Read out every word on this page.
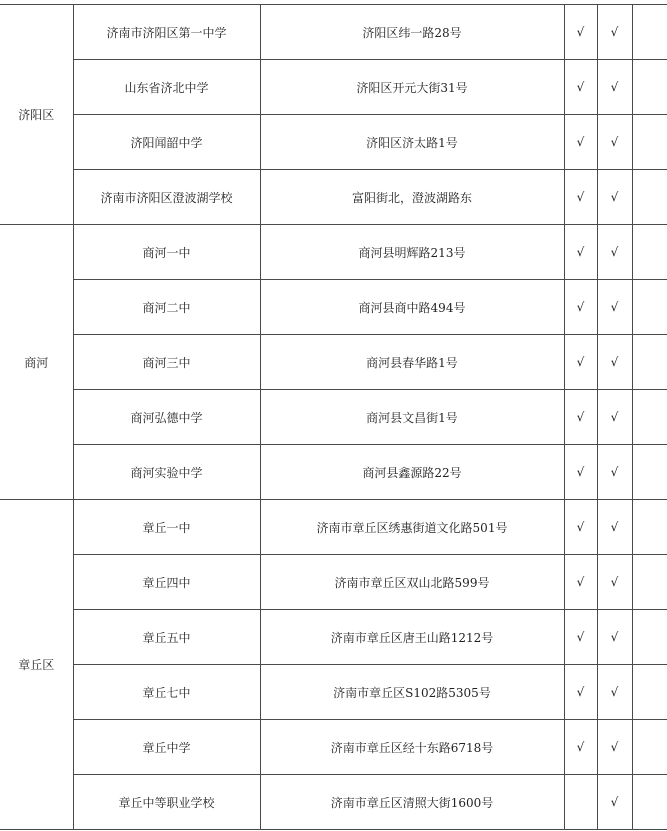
济阳区	济南市济阳区第一中学	济阳区纬一路28号	√	√	
	山东省济北中学	济阳区开元大街31号	√	√	
	济阳闻韶中学	济阳区济太路1号	√	√	
	济南市济阳区澄波湖学校	富阳街北，澄波湖路东	√	√	
商河	商河一中	商河县明辉路213号	√	√	
	商河二中	商河县商中路494号	√	√	
	商河三中	商河县春华路1号	√	√	
	商河弘德中学	商河县文昌街1号	√	√	
	商河实验中学	商河县鑫源路22号	√	√	
章丘区	章丘一中	济南市章丘区绣惠街道文化路501号	√	√	
	章丘四中	济南市章丘区双山北路599号	√	√	
	章丘五中	济南市章丘区唐王山路1212号	√	√	
	章丘七中	济南市章丘区S102路5305号	√	√	
	章丘中学	济南市章丘区经十东路6718号	√	√	
	章丘中等职业学校	济南市章丘区清照大街1600号		√	
